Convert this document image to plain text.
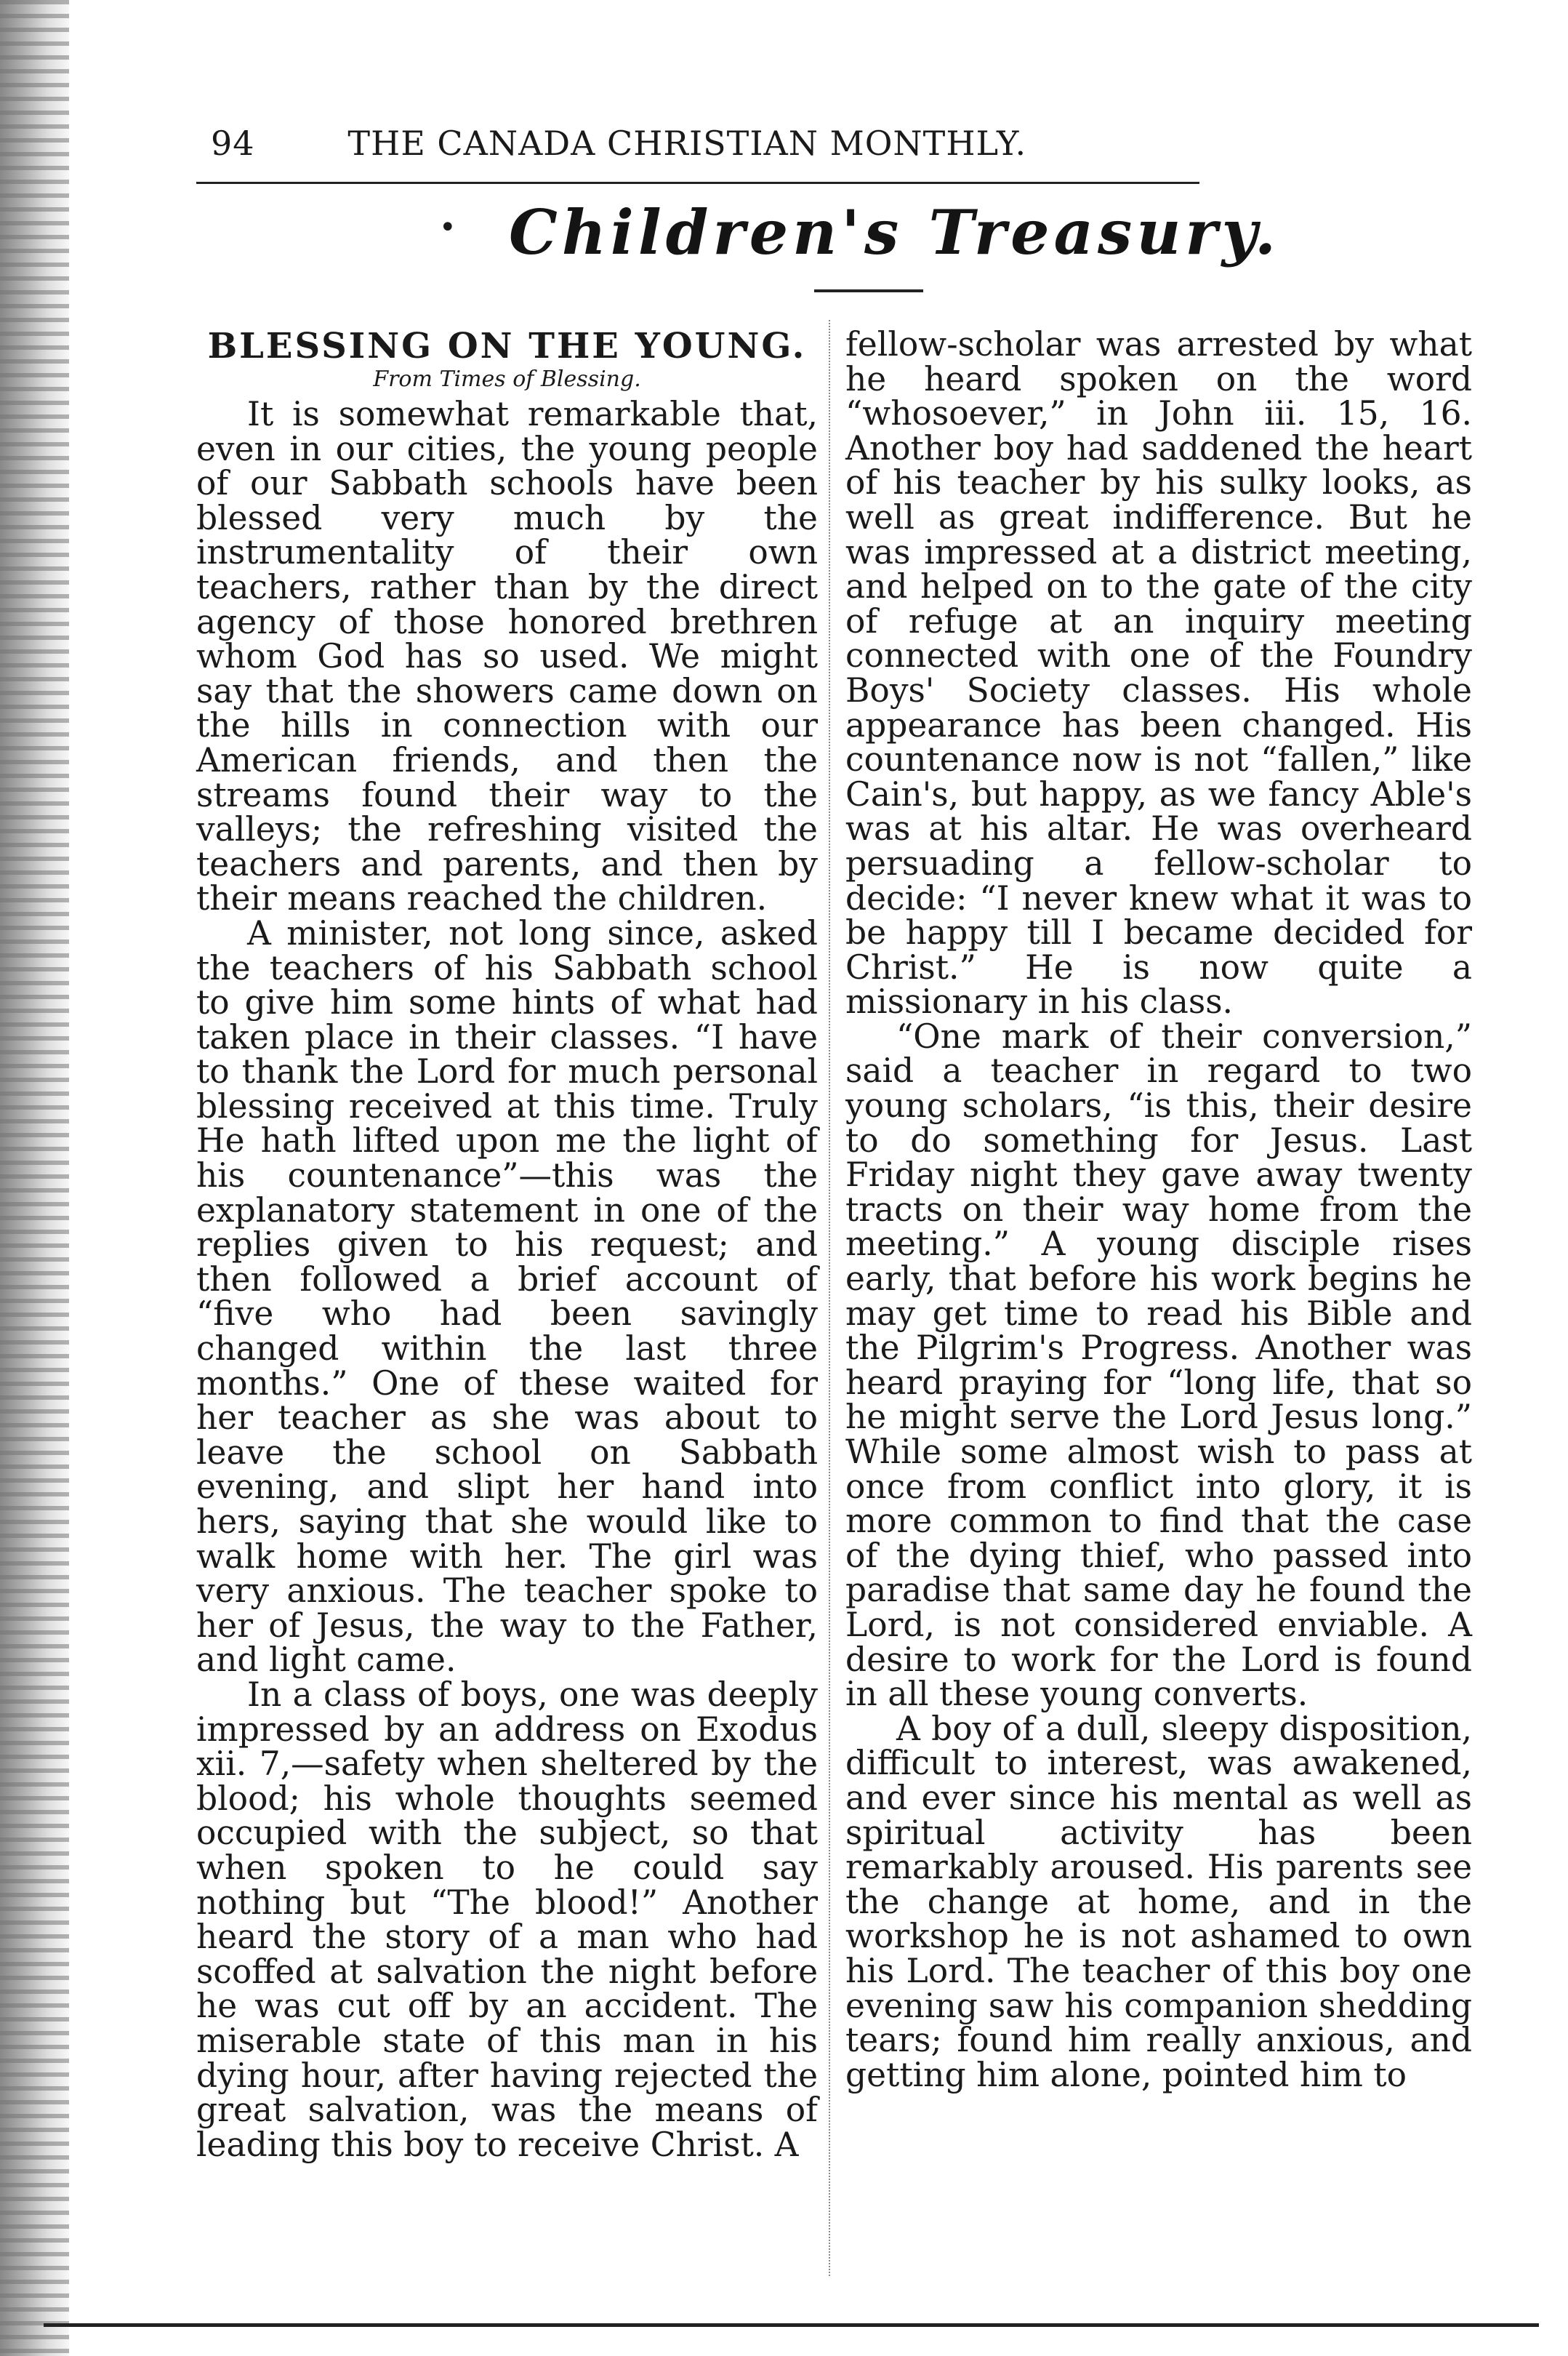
94	THE CANADA CHRISTIAN MONTHLY.
• Children's Treasury.
BLESSING ON THE YOUNG.
From Times of Blessing.

It is somewhat remarkable that, even in our cities, the young people of our Sabbath schools have been blessed very much by the instrumentality of their own teachers, rather than by the direct agency of those honored brethren whom God has so used. We might say that the showers came down on the hills in connection with our American friends, and then the streams found their way to the valleys; the refreshing visited the teachers and parents, and then by their means reached the children.

A minister, not long since, asked the teachers of his Sabbath school to give him some hints of what had taken place in their classes. “I have to thank the Lord for much personal blessing received at this time. Truly He hath lifted upon me the light of his countenance”—this was the explanatory statement in one of the replies given to his request; and then followed a brief account of “five who had been savingly changed within the last three months.” One of these waited for her teacher as she was about to leave the school on Sabbath evening, and slipt her hand into hers, saying that she would like to walk home with her. The girl was very anxious. The teacher spoke to her of Jesus, the way to the Father, and light came.

In a class of boys, one was deeply impressed by an address on Exodus xii. 7,—safety when sheltered by the blood; his whole thoughts seemed occupied with the subject, so that when spoken to he could say nothing but “The blood!” Another heard the story of a man who had scoffed at salvation the night before he was cut off by an accident. The miserable state of this man in his dying hour, after having rejected the great salvation, was the means of leading this boy to receive Christ. A

fellow-scholar was arrested by what he heard spoken on the word “whosoever,” in John iii. 15, 16. Another boy had saddened the heart of his teacher by his sulky looks, as well as great indifference. But he was impressed at a district meeting, and helped on to the gate of the city of refuge at an inquiry meeting connected with one of the Foundry Boys' Society classes. His whole appearance has been changed. His countenance now is not “fallen,” like Cain's, but happy, as we fancy Able's was at his altar. He was overheard persuading a fellow-scholar to decide: “I never knew what it was to be happy till I became decided for Christ.” He is now quite a missionary in his class.

“One mark of their conversion,” said a teacher in regard to two young scholars, “is this, their desire to do something for Jesus. Last Friday night they gave away twenty tracts on their way home from the meeting.” A young disciple rises early, that before his work begins he may get time to read his Bible and the Pilgrim's Progress. Another was heard praying for “long life, that so he might serve the Lord Jesus long.” While some almost wish to pass at once from conflict into glory, it is more common to find that the case of the dying thief, who passed into paradise that same day he found the Lord, is not considered enviable. A desire to work for the Lord is found in all these young converts.

A boy of a dull, sleepy disposition, difficult to interest, was awakened, and ever since his mental as well as spiritual activity has been remarkably aroused. His parents see the change at home, and in the workshop he is not ashamed to own his Lord. The teacher of this boy one evening saw his companion shedding tears; found him really anxious, and getting him alone, pointed him to
